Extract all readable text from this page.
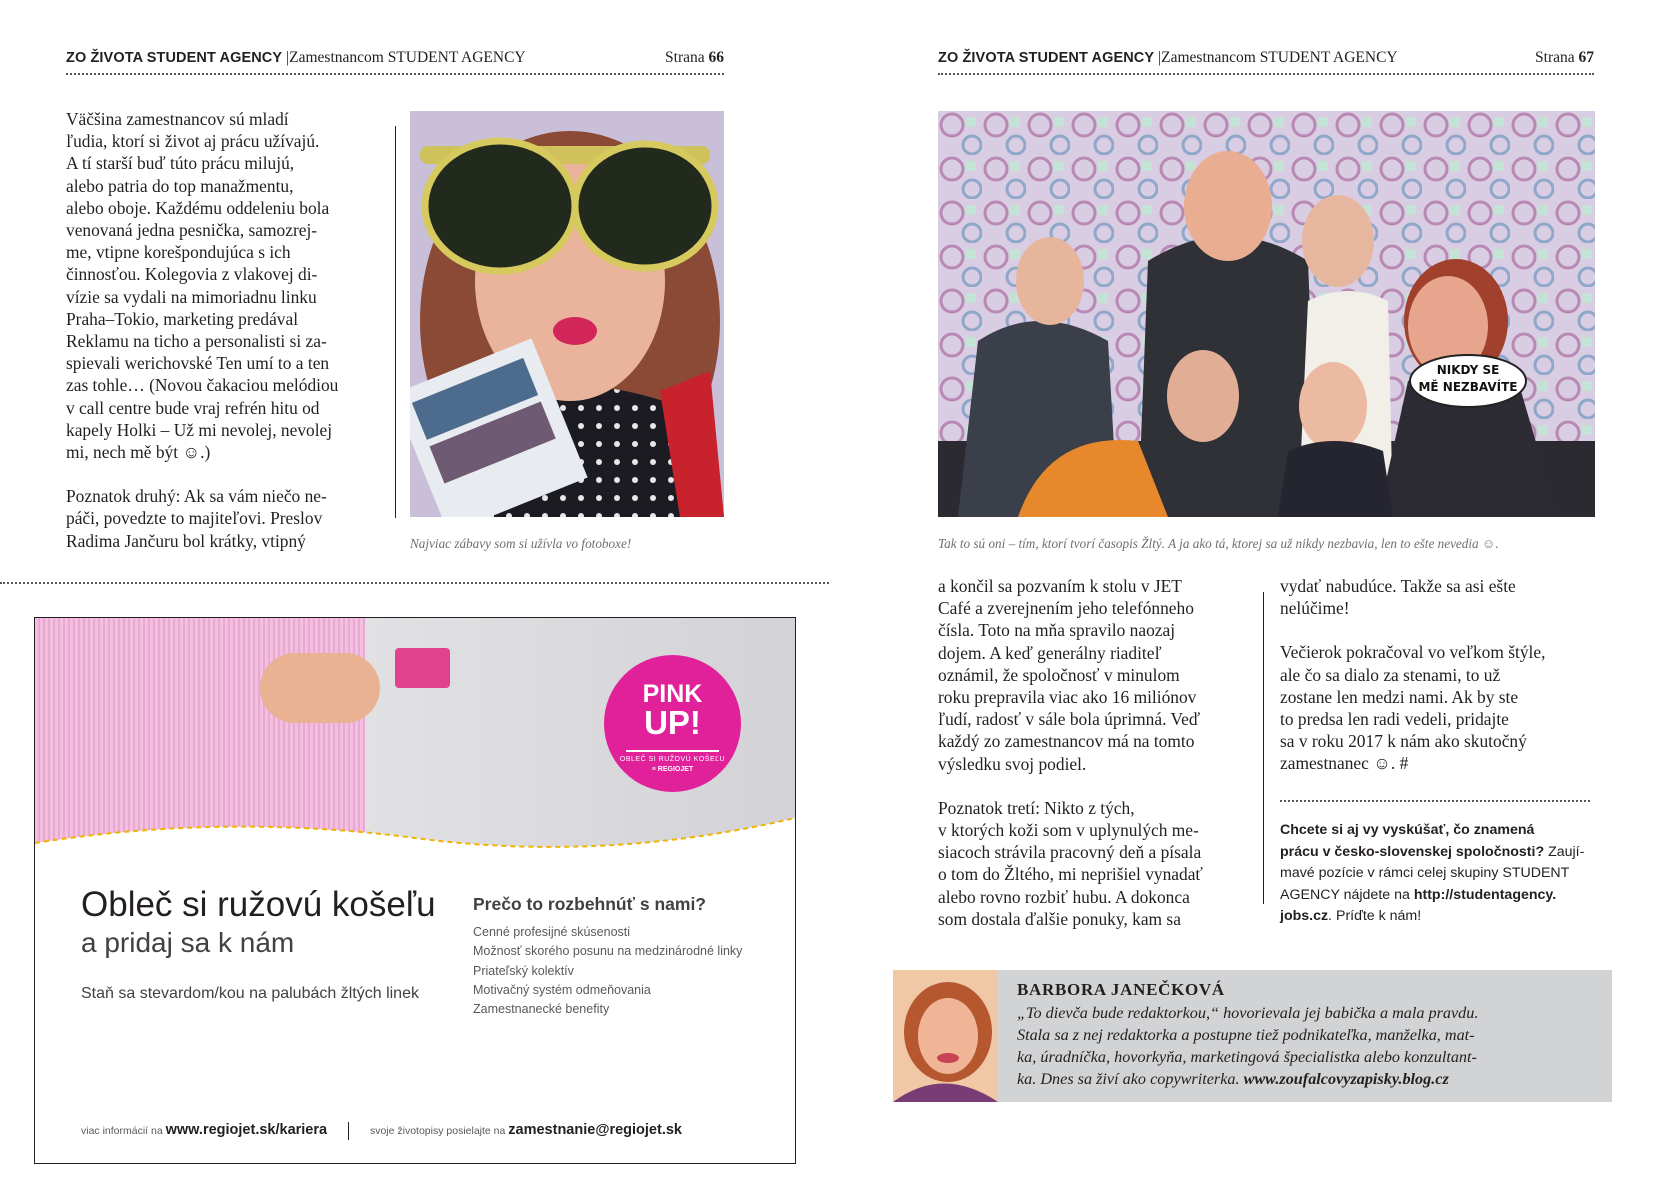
ZO ŽIVOTA STUDENT AGENCY |Zamestnancom STUDENT AGENCY	Strana 66

Väčšina zamestnancov sú mladí
ľudia, ktorí si život aj prácu užívajú.
A tí starší buď túto prácu milujú,
alebo patria do top manažmentu,
alebo oboje. Každému oddeleniu bola
venovaná jedna pesnička, samozrej-
me, vtipne korešpondujúca s ich
činnosťou. Kolegovia z vlakovej di-
vízie sa vydali na mimoriadnu linku
Praha–Tokio, marketing predával
Reklamu na ticho a personalisti si za-
spievali werichovské Ten umí to a ten
zas tohle… (Novou čakaciou melódiou
v call centre bude vraj refrén hitu od
kapely Holki – Už mi nevolej, nevolej
mi, nech mě být ☺.)

Poznatok druhý: Ak sa vám niečo ne-
páči, povedzte to majiteľovi. Preslov
Radima Jančuru bol krátky, vtipný	Najviac zábavy som si užívla vo fotoboxe!
PINK
UP!
OBLEČ SI RUŽOVÚ KOŠEĽU
≡ REGIOJET
Obleč si ružovú košeľu
a pridaj sa k nám
Staň sa stevardom/kou na palubách žltých linek
Prečo to rozbehnúť s nami?
Cenné profesijné skúsenosti
Možnosť skorého posunu na medzinárodné linky
Priateľský kolektív
Motivačný systém odmeňovania
Zamestnanecké benefity
viac informácií na www.regiojet.sk/kariera	svoje životopisy posielajte na zamestnanie@regiojet.sk
ZO ŽIVOTA STUDENT AGENCY |Zamestnancom STUDENT AGENCY	Strana 67
NIKDY SE
MĚ NEZBAVÍTE
Tak to sú oni – tím, ktorí tvorí časopis Žltý. A ja ako tá, ktorej sa už nikdy nezbavia, len to ešte nevedia ☺.

a končil sa pozvaním k stolu v JET
Café a zverejnením jeho telefónneho
čísla. Toto na mňa spravilo naozaj
dojem. A keď generálny riaditeľ
oznámil, že spoločnosť v minulom
roku prepravila viac ako 16 miliónov
ľudí, radosť v sále bola úprimná. Veď
každý zo zamestnancov má na tomto
výsledku svoj podiel.

Poznatok tretí: Nikto z tých,
v ktorých koži som v uplynulých me-
siacoch strávila pracovný deň a písala
o tom do Žltého, mi neprišiel vynadať
alebo rovno rozbiť hubu. A dokonca
som dostala ďalšie ponuky, kam sa

vydať nabudúce. Takže sa asi ešte
nelúčime!

Večierok pokračoval vo veľkom štýle,
ale čo sa dialo za stenami, to už
zostane len medzi nami. Ak by ste
to predsa len radi vedeli, pridajte
sa v roku 2017 k nám ako skutočný
zamestnanec ☺. #

Chcete si aj vy vyskúšať, čo znamená
prácu v česko-slovenskej spoločnosti? Zaují-
mavé pozície v rámci celej skupiny STUDENT
AGENCY nájdete na http://studentagency.
jobs.cz. Príďte k nám!
BARBORA JANEČKOVÁ
„To dievča bude redaktorkou,“ hovorievala jej babička a mala pravdu.
Stala sa z nej redaktorka a postupne tiež podnikateľka, manželka, mat-
ka, úradníčka, hovorkyňa, marketingová špecialistka alebo konzultant-
ka. Dnes sa živí ako copywriterka. www.zoufalcovyzapisky.blog.cz
